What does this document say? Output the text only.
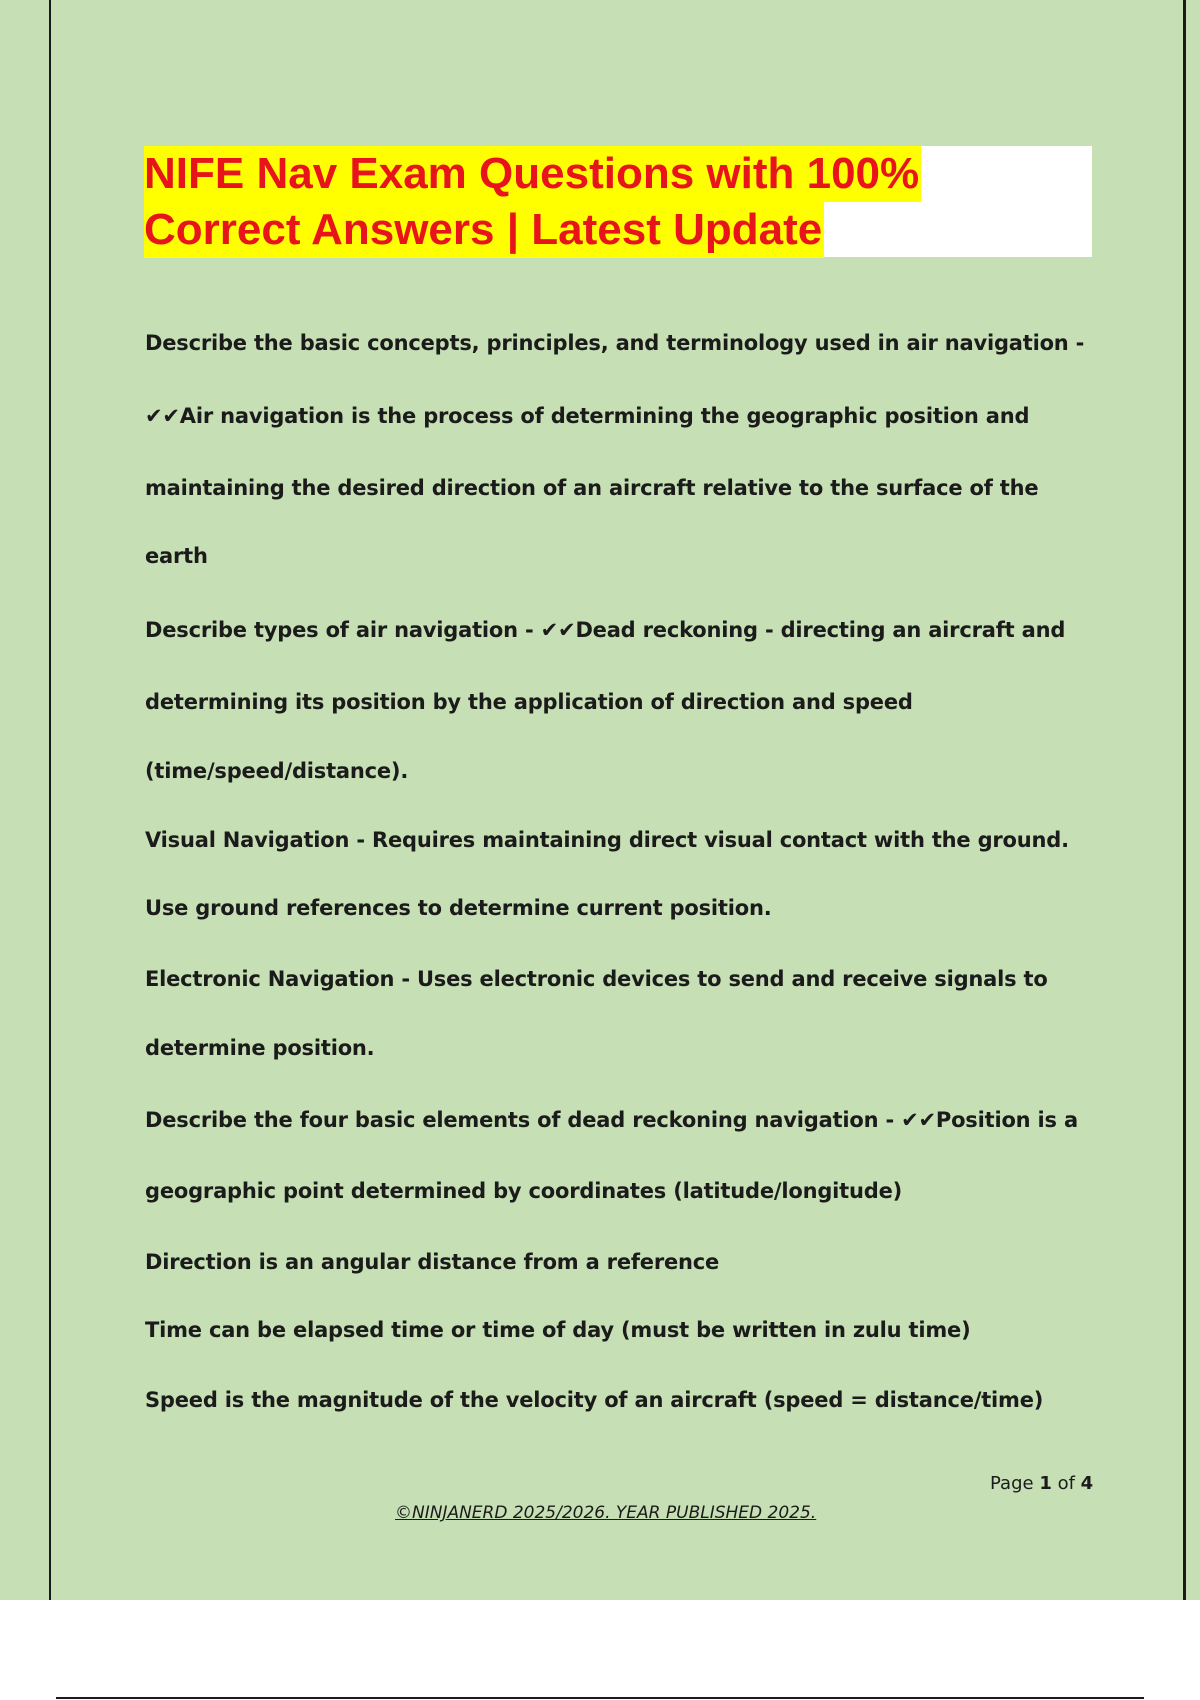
NIFE Nav Exam Questions with 100%
Correct Answers | Latest Update
Describe the basic concepts, principles, and terminology used in air navigation -
✔✔Air navigation is the process of determining the geographic position and
maintaining the desired direction of an aircraft relative to the surface of the
earth
Describe types of air navigation - ✔✔Dead reckoning - directing an aircraft and
determining its position by the application of direction and speed
(time/speed/distance).
Visual Navigation - Requires maintaining direct visual contact with the ground.
Use ground references to determine current position.
Electronic Navigation - Uses electronic devices to send and receive signals to
determine position.
Describe the four basic elements of dead reckoning navigation - ✔✔Position is a
geographic point determined by coordinates (latitude/longitude)
Direction is an angular distance from a reference
Time can be elapsed time or time of day (must be written in zulu time)
Speed is the magnitude of the velocity of an aircraft (speed = distance/time)
Page 1 of 4
©NINJANERD 2025/2026. YEAR PUBLISHED 2025.
